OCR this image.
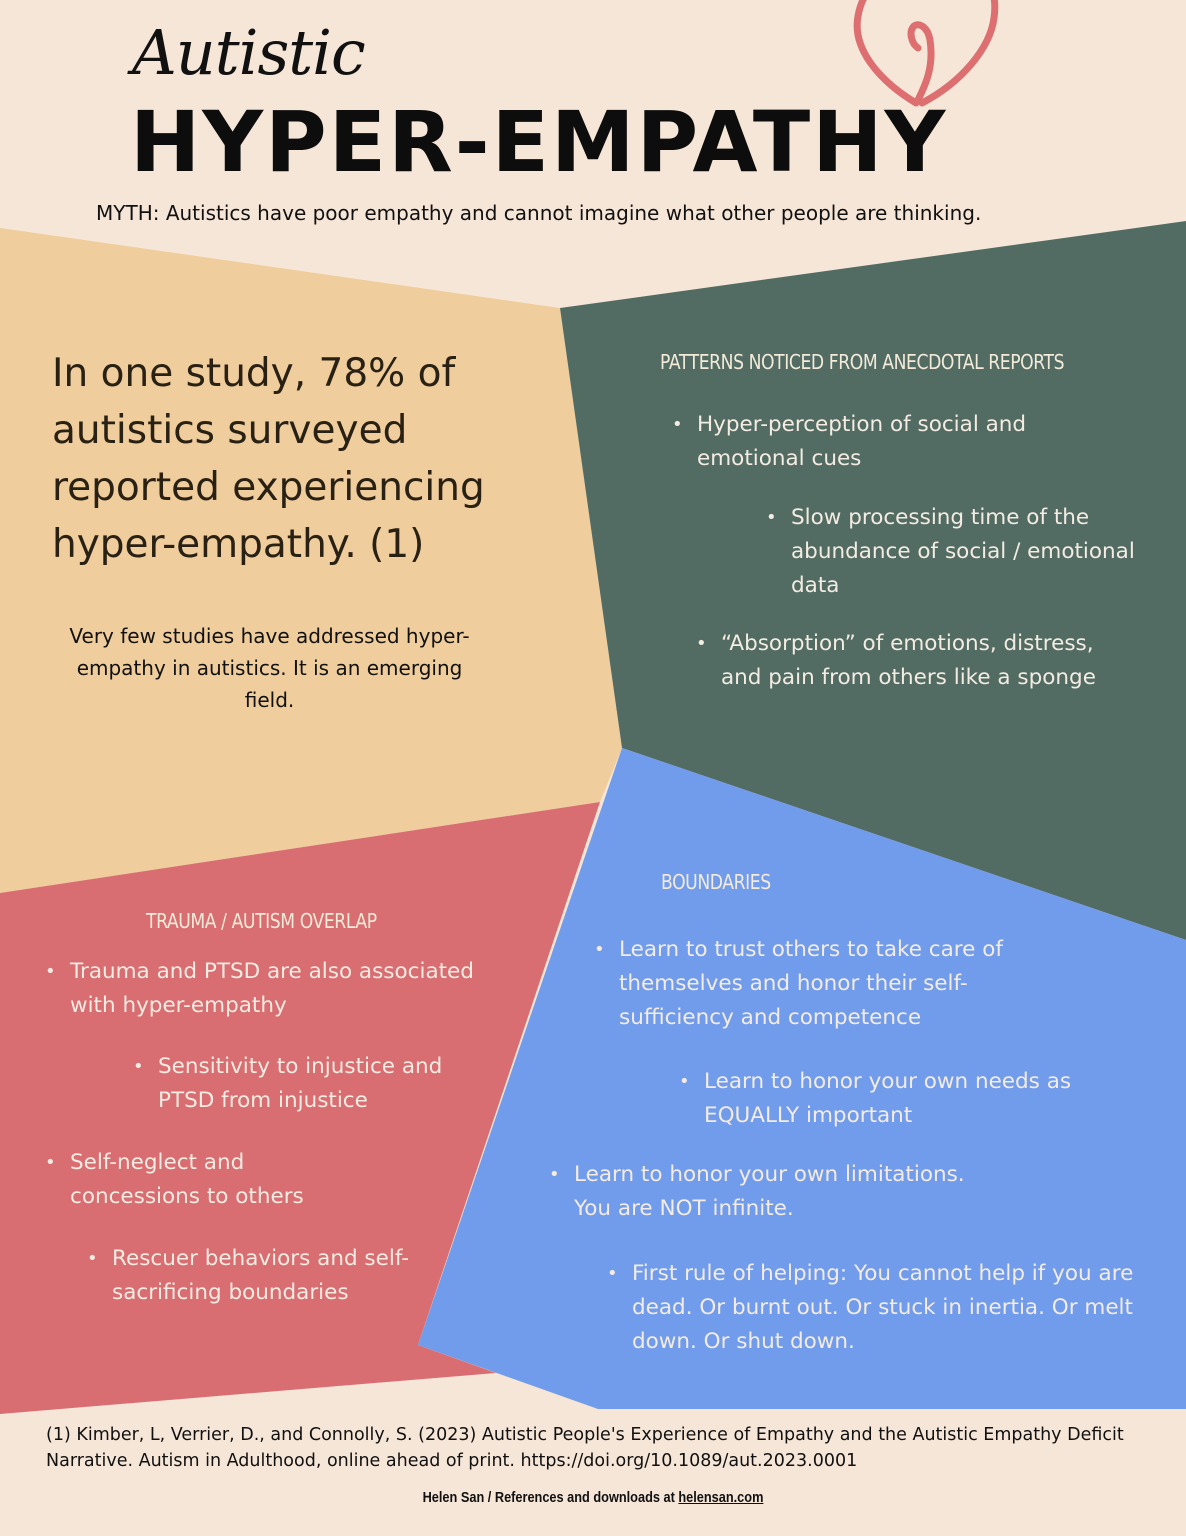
Autistic
HYPER-EMPATHY
MYTH: Autistics have poor empathy and cannot imagine what other people are thinking.
In one study, 78% of autistics surveyed reported experiencing hyper-empathy. (1)
Very few studies have addressed hyper-empathy in autistics. It is an emerging field.
PATTERNS NOTICED FROM ANECDOTAL REPORTS
• Hyper-perception of social and emotional cues
• Slow processing time of the abundance of social / emotional data
• “Absorption” of emotions, distress, and pain from others like a sponge
TRAUMA / AUTISM OVERLAP
• Trauma and PTSD are also associated with hyper-empathy
• Sensitivity to injustice and PTSD from injustice
• Self-neglect and concessions to others
• Rescuer behaviors and self-sacrificing boundaries
BOUNDARIES
• Learn to trust others to take care of themselves and honor their self-sufficiency and competence
• Learn to honor your own needs as EQUALLY important
• Learn to honor your own limitations. You are NOT infinite.
• First rule of helping: You cannot help if you are dead. Or burnt out. Or stuck in inertia. Or melt down. Or shut down.
(1) Kimber, L, Verrier, D., and Connolly, S. (2023) Autistic People's Experience of Empathy and the Autistic Empathy Deficit Narrative. Autism in Adulthood, online ahead of print. https://doi.org/10.1089/aut.2023.0001
Helen San / References and downloads at helensan.com
